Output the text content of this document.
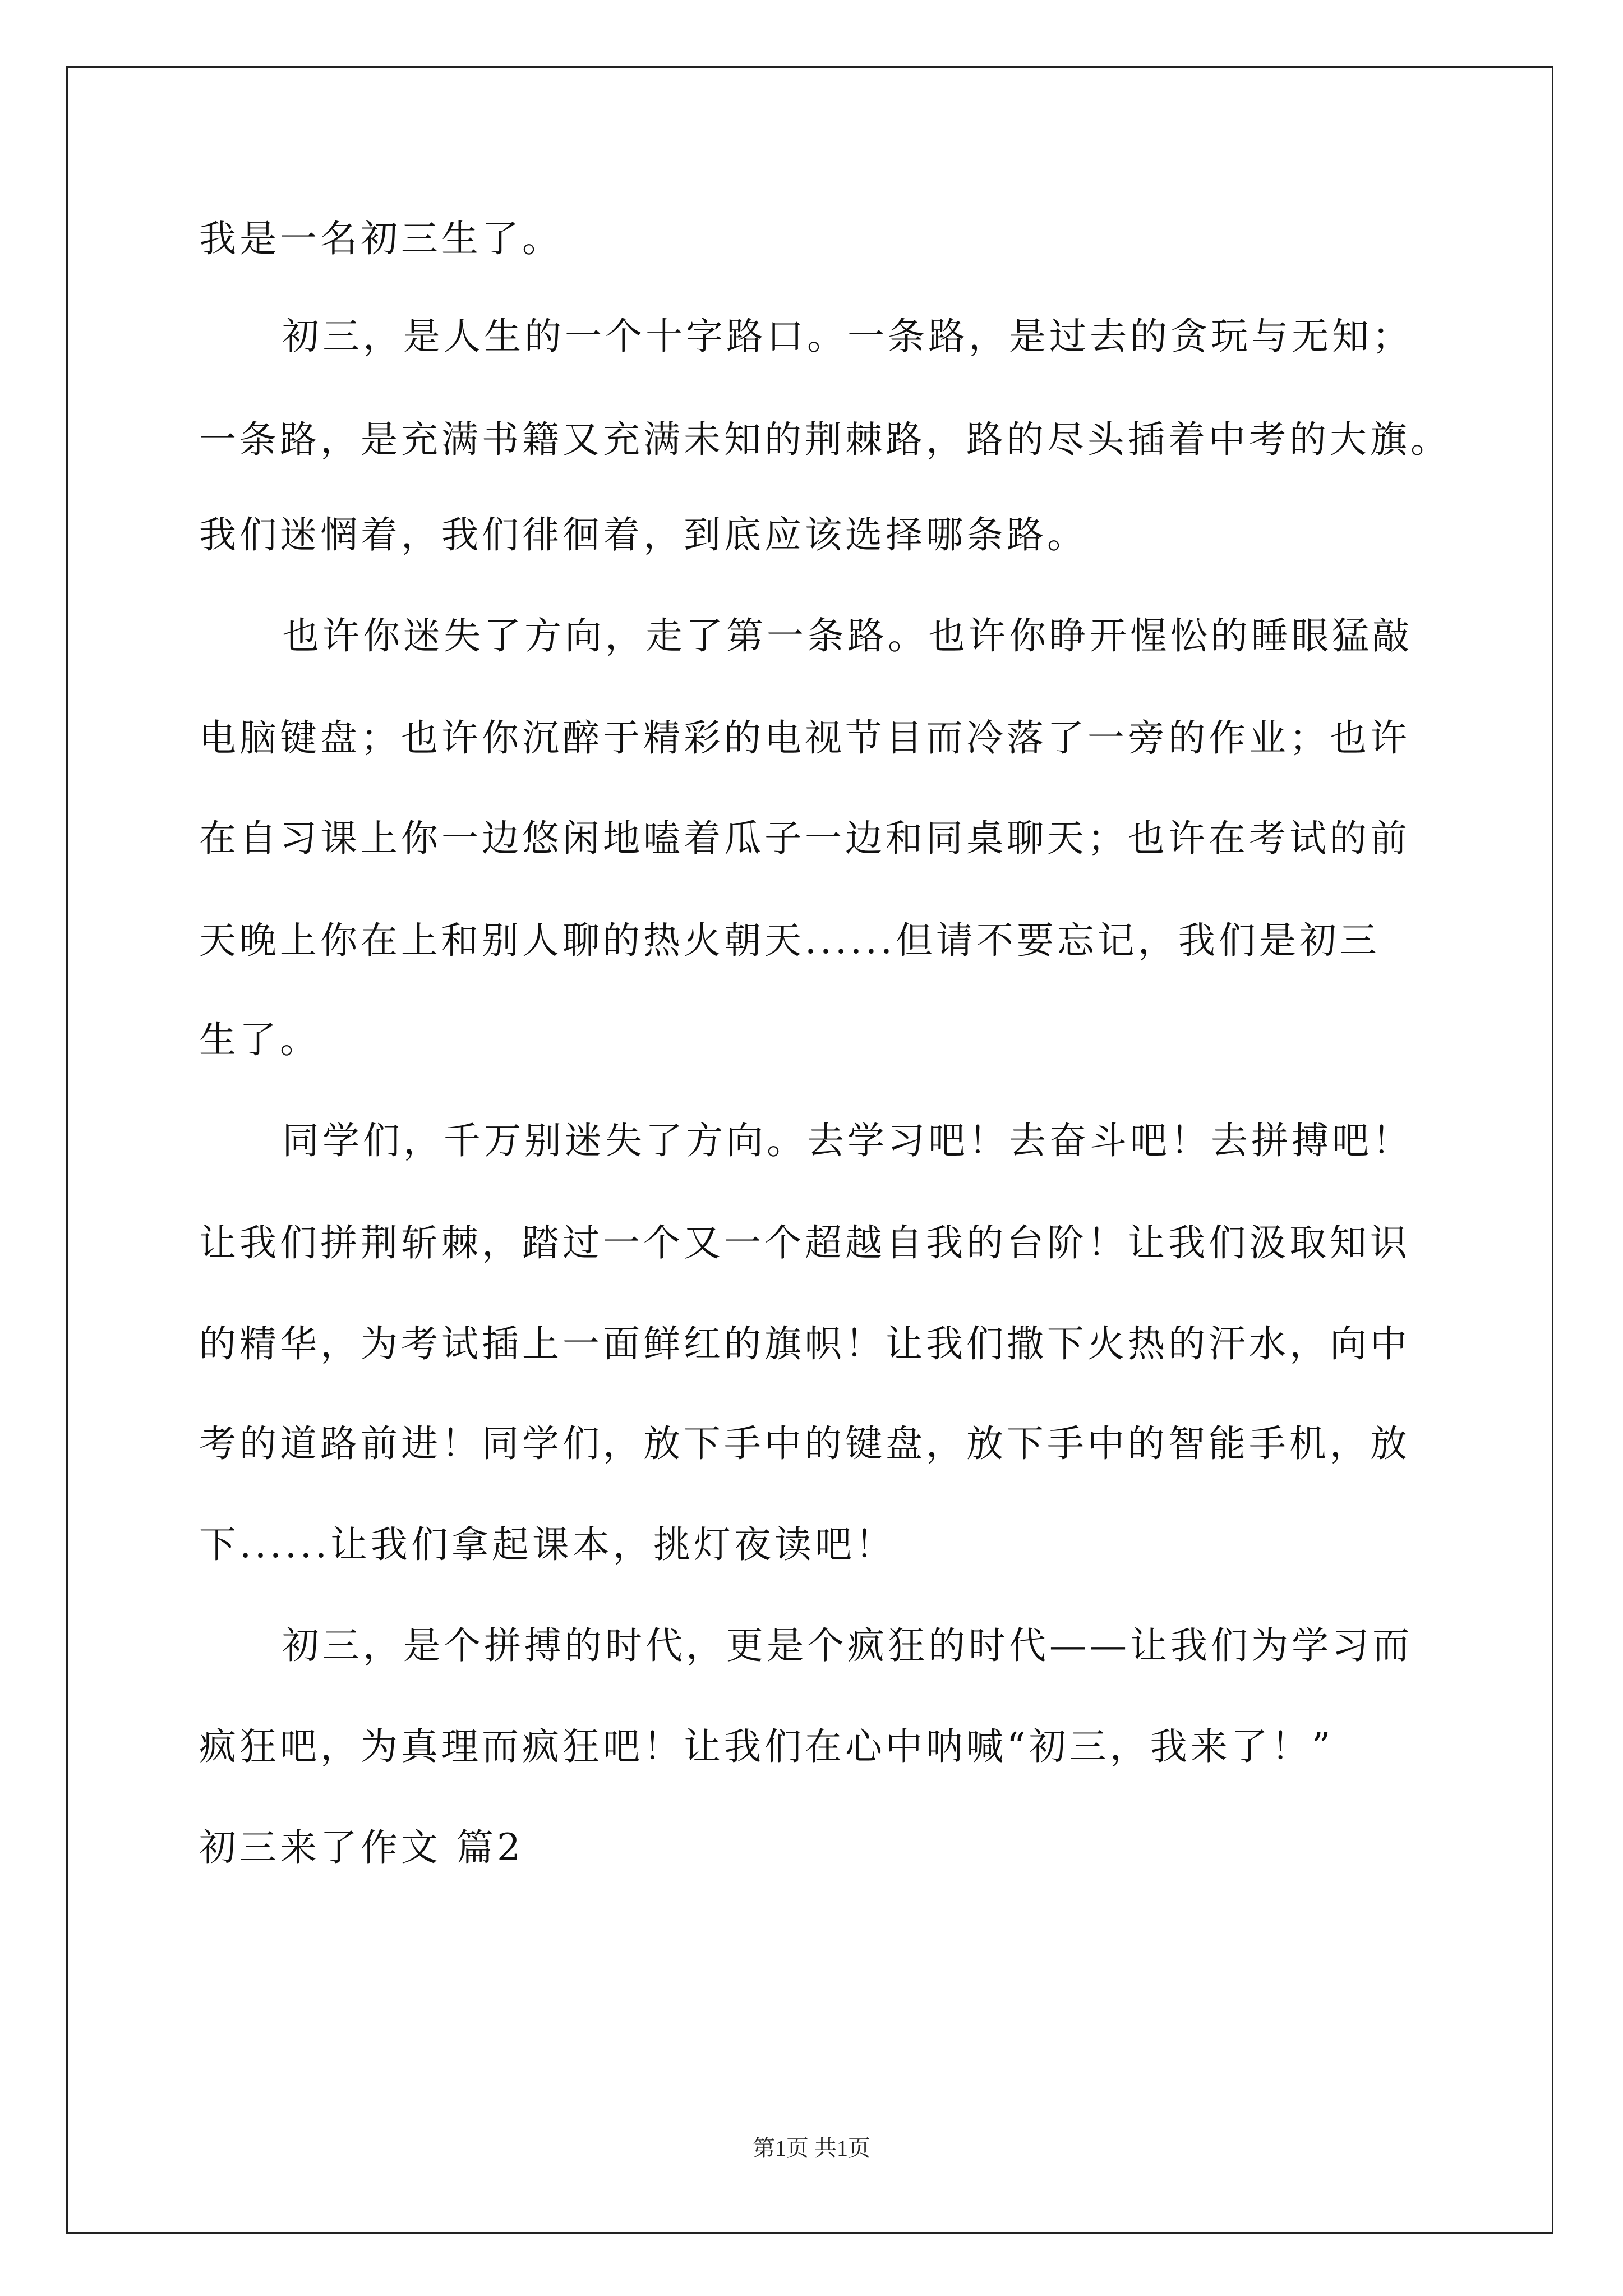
我是一名初三生了。
初三，是人生的一个十字路口。一条路，是过去的贪玩与无知；
一条路，是充满书籍又充满未知的荆棘路，路的尽头插着中考的大旗。
我们迷惘着，我们徘徊着，到底应该选择哪条路。
也许你迷失了方向，走了第一条路。也许你睁开惺忪的睡眼猛敲
电脑键盘；也许你沉醉于精彩的电视节目而冷落了一旁的作业；也许
在自习课上你一边悠闲地嗑着瓜子一边和同桌聊天；也许在考试的前
天晚上你在上和别人聊的热火朝天......但请不要忘记，我们是初三
生了。
同学们，千万别迷失了方向。去学习吧！去奋斗吧！去拼搏吧！
让我们拼荆斩棘，踏过一个又一个超越自我的台阶！让我们汲取知识
的精华，为考试插上一面鲜红的旗帜！让我们撒下火热的汗水，向中
考的道路前进！同学们，放下手中的键盘，放下手中的智能手机，放
下......让我们拿起课本，挑灯夜读吧！
初三，是个拼搏的时代，更是个疯狂的时代——让我们为学习而
疯狂吧，为真理而疯狂吧！让我们在心中呐喊“初三，我来了！”
初三来了作文 篇2
第1页 共1页
